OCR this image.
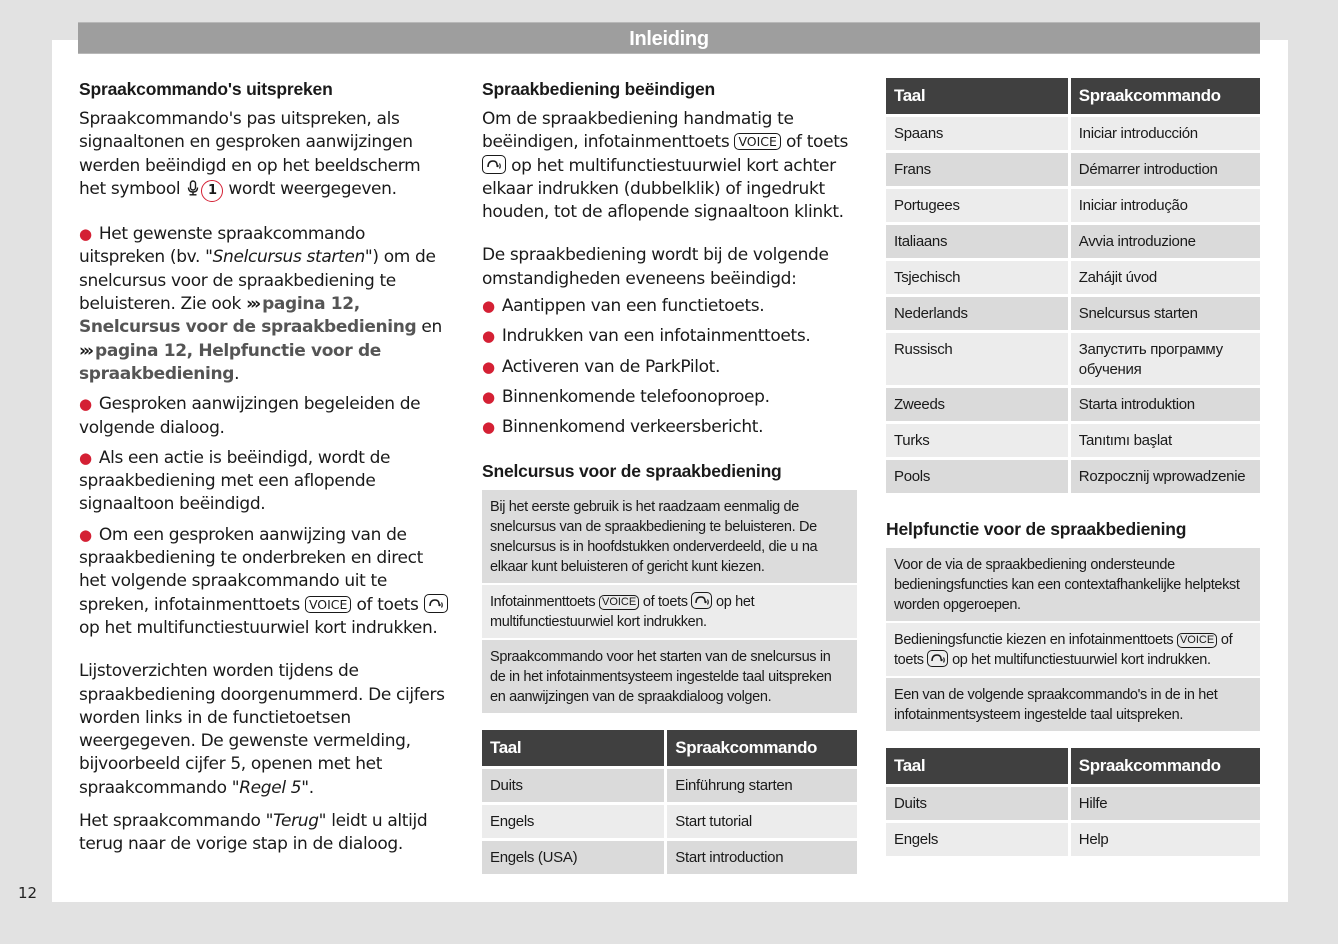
Inleiding
12
Spraakcommando's uitspreken

Spraakcommando's pas uitspreken, als signaaltonen en gesproken aanwijzingen werden beëindigd en op het beeldscherm het symbool 1 wordt weergegeven.

● Het gewenste spraakcommando uitspreken (bv. "Snelcursus starten") om de snelcursus voor de spraakbediening te beluisteren. Zie ook ››› pagina 12, Snelcursus voor de spraakbediening en ››› pagina 12, Helpfunctie voor de spraakbediening.

● Gesproken aanwijzingen begeleiden de volgende dialoog.

● Als een actie is beëindigd, wordt de spraakbediening met een aflopende signaaltoon beëindigd.

● Om een gesproken aanwijzing van de spraakbediening te onderbreken en direct het volgende spraakcommando uit te spreken, infotainmenttoets VOICE of toets
op het multifunctiestuurwiel kort indrukken.

Lijstoverzichten worden tijdens de spraakbediening doorgenummerd. De cijfers worden links in de functietoetsen weergegeven. De gewenste vermelding, bijvoorbeeld cijfer 5, openen met het spraakcommando "Regel 5".

Het spraakcommando "Terug" leidt u altijd terug naar de vorige stap in de dialoog.

Spraakbediening beëindigen

Om de spraakbediening handmatig te beëindigen, infotainmenttoets VOICE of toets
op het multifunctiestuurwiel kort achter elkaar indrukken (dubbelklik) of ingedrukt houden, tot de aflopende signaaltoon klinkt.

De spraakbediening wordt bij de volgende omstandigheden eveneens beëindigd:

● Aantippen van een functietoets.

● Indrukken van een infotainmenttoets.

● Activeren van de ParkPilot.

● Binnenkomende telefoonoproep.

● Binnenkomend verkeersbericht.

Snelcursus voor de spraakbediening
Bij het eerste gebruik is het raadzaam eenmalig de snelcursus van de spraakbediening te beluisteren. De snelcursus is in hoofdstukken onderverdeeld, die u na elkaar kunt beluisteren of gericht kunt kiezen.
Infotainmenttoets VOICE of toets op het multifunctiestuurwiel kort indrukken.
Spraakcommando voor het starten van de snelcursus in de in het infotainmentsysteem ingestelde taal uitspreken en aanwijzingen van de spraakdialoog volgen.
Taal	Spraakcommando
Duits	Einführung starten
Engels	Start tutorial
Engels (USA)	Start introduction
Taal	Spraakcommando
Spaans	Iniciar introducción
Frans	Démarrer introduction
Portugees	Iniciar introdução
Italiaans	Avvia introduzione
Tsjechisch	Zahájit úvod
Nederlands	Snelcursus starten
Russisch	Запустить программу обучения
Zweeds	Starta introduktion
Turks	Tanıtımı başlat
Pools	Rozpocznij wprowadzenie
Helpfunctie voor de spraakbediening
Voor de via de spraakbediening ondersteunde bedieningsfuncties kan een contextafhankelijke helptekst worden opgeroepen.
Bedieningsfunctie kiezen en infotainmenttoets VOICE of toets op het multifunctiestuurwiel kort indrukken.
Een van de volgende spraakcommando's in de in het infotainmentsysteem ingestelde taal uitspreken.
Taal	Spraakcommando
Duits	Hilfe
Engels	Help
